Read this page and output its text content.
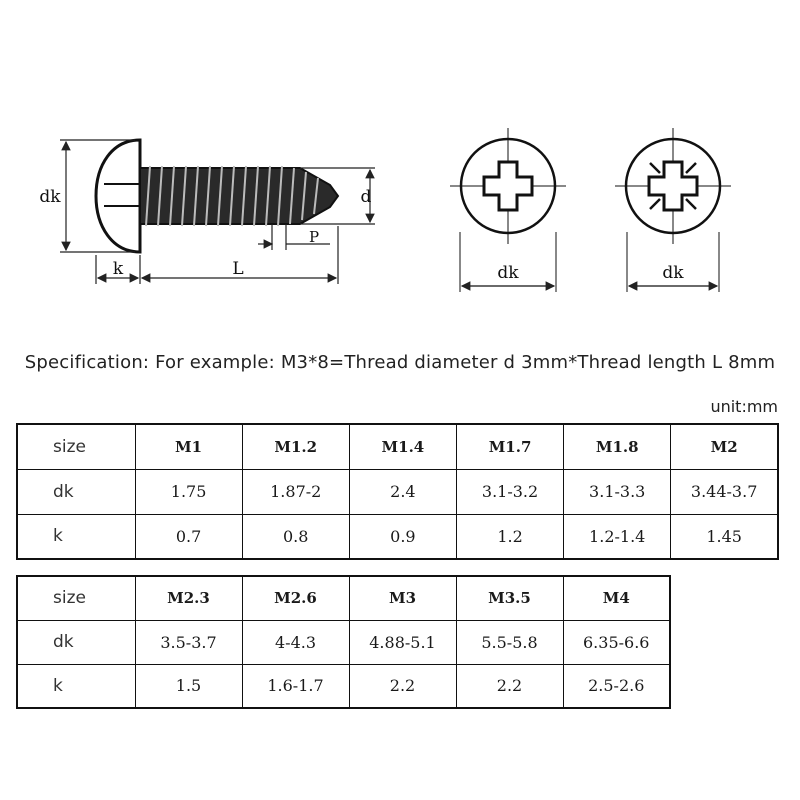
dk	d
P
k	L	dk	dk
Specification: For example: M3*8=Thread diameter d 3mm*Thread length L 8mm
unit:mm
size	M1	M1.2	M1.4	M1.7	M1.8	M2
dk	1.75	1.87-2	2.4	3.1-3.2	3.1-3.3	3.44-3.7
k	0.7	0.8	0.9	1.2	1.2-1.4	1.45
size	M2.3	M2.6	M3	M3.5	M4
dk	3.5-3.7	4-4.3	4.88-5.1	5.5-5.8	6.35-6.6
k	1.5	1.6-1.7	2.2	2.2	2.5-2.6
